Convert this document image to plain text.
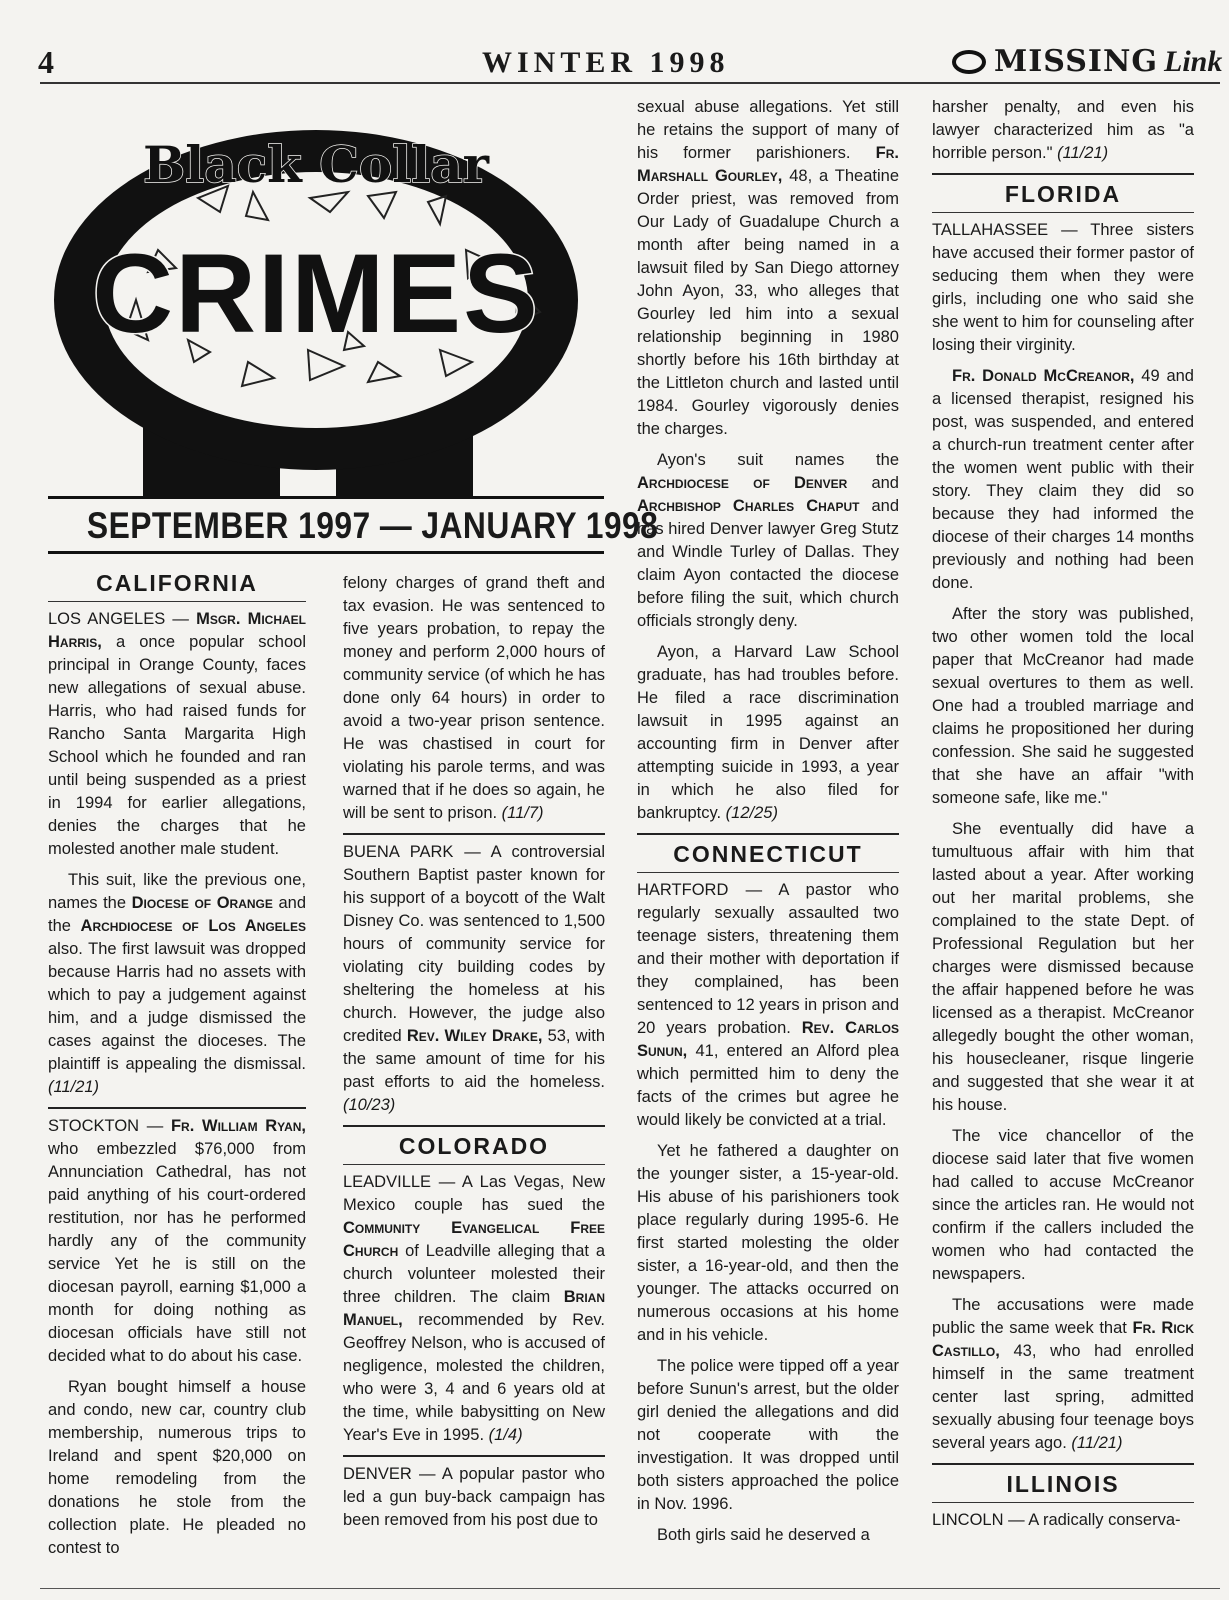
4	WINTER 1998	MISSING Link
Black Collar
CRIMES
SEPTEMBER 1997 — JANUARY 1998
CALIFORNIA

LOS ANGELES — Msgr. Michael Harris, a once popular school principal in Orange County, faces new allegations of sexual abuse. Harris, who had raised funds for Rancho Santa Margarita High School which he founded and ran until being suspended as a priest in 1994 for earlier allegations, denies the charges that he molested another male student.

This suit, like the previous one, names the Diocese of Orange and the Archdiocese of Los Angeles also. The first lawsuit was dropped because Harris had no assets with which to pay a judgement against him, and a judge dismissed the cases against the dioceses. The plaintiff is appealing the dismissal. (11/21)

STOCKTON — Fr. William Ryan, who embezzled $76,000 from Annunciation Cathedral, has not paid anything of his court-ordered restitution, nor has he performed hardly any of the community service Yet he is still on the diocesan payroll, earning $1,000 a month for doing nothing as diocesan officials have still not decided what to do about his case.

Ryan bought himself a house and condo, new car, country club membership, numerous trips to Ireland and spent $20,000 on home remodeling from the donations he stole from the collection plate. He pleaded no contest to

felony charges of grand theft and tax evasion. He was sentenced to five years probation, to repay the money and perform 2,000 hours of community service (of which he has done only 64 hours) in order to avoid a two-year prison sentence. He was chastised in court for violating his parole terms, and was warned that if he does so again, he will be sent to prison. (11/7)

BUENA PARK — A controversial Southern Baptist paster known for his support of a boycott of the Walt Disney Co. was sentenced to 1,500 hours of community service for violating city building codes by sheltering the homeless at his church. However, the judge also credited Rev. Wiley Drake, 53, with the same amount of time for his past efforts to aid the homeless. (10/23)

COLORADO

LEADVILLE — A Las Vegas, New Mexico couple has sued the Community Evangelical Free Church of Leadville alleging that a church volunteer molested their three children. The claim Brian Manuel, recommended by Rev. Geoffrey Nelson, who is accused of negligence, molested the children, who were 3, 4 and 6 years old at the time, while babysitting on New Year's Eve in 1995. (1/4)

DENVER — A popular pastor who led a gun buy-back campaign has been removed from his post due to

sexual abuse allegations. Yet still he retains the support of many of his former parishioners. Fr. Marshall Gourley, 48, a Theatine Order priest, was removed from Our Lady of Guadalupe Church a month after being named in a lawsuit filed by San Diego attorney John Ayon, 33, who alleges that Gourley led him into a sexual relationship beginning in 1980 shortly before his 16th birthday at the Littleton church and lasted until 1984. Gourley vigorously denies the charges.

Ayon's suit names the Archdiocese of Denver and Archbishop Charles Chaput and has hired Denver lawyer Greg Stutz and Windle Turley of Dallas. They claim Ayon contacted the diocese before filing the suit, which church officials strongly deny.

Ayon, a Harvard Law School graduate, has had troubles before. He filed a race discrimination lawsuit in 1995 against an accounting firm in Denver after attempting suicide in 1993, a year in which he also filed for bankruptcy. (12/25)

CONNECTICUT

HARTFORD — A pastor who regularly sexually assaulted two teenage sisters, threatening them and their mother with deportation if they complained, has been sentenced to 12 years in prison and 20 years probation. Rev. Carlos Sunun, 41, entered an Alford plea which permitted him to deny the facts of the crimes but agree he would likely be convicted at a trial.

Yet he fathered a daughter on the younger sister, a 15-year-old. His abuse of his parishioners took place regularly during 1995-6. He first started molesting the older sister, a 16-year-old, and then the younger. The attacks occurred on numerous occasions at his home and in his vehicle.

The police were tipped off a year before Sunun's arrest, but the older girl denied the allegations and did not cooperate with the investigation. It was dropped until both sisters approached the police in Nov. 1996.

Both girls said he deserved a

harsher penalty, and even his lawyer characterized him as "a horrible person." (11/21)

FLORIDA

TALLAHASSEE — Three sisters have accused their former pastor of seducing them when they were girls, including one who said she she went to him for counseling after losing their virginity.

Fr. Donald McCreanor, 49 and a licensed therapist, resigned his post, was suspended, and entered a church-run treatment center after the women went public with their story. They claim they did so because they had informed the diocese of their charges 14 months previously and nothing had been done.

After the story was published, two other women told the local paper that McCreanor had made sexual overtures to them as well. One had a troubled marriage and claims he propositioned her during confession. She said he suggested that she have an affair "with someone safe, like me."

She eventually did have a tumultuous affair with him that lasted about a year. After working out her marital problems, she complained to the state Dept. of Professional Regulation but her charges were dismissed because the affair happened before he was licensed as a therapist. McCreanor allegedly bought the other woman, his housecleaner, risque lingerie and suggested that she wear it at his house.

The vice chancellor of the diocese said later that five women had called to accuse McCreanor since the articles ran. He would not confirm if the callers included the women who had contacted the newspapers.

The accusations were made public the same week that Fr. Rick Castillo, 43, who had enrolled himself in the same treatment center last spring, admitted sexually abusing four teenage boys several years ago. (11/21)

ILLINOIS

LINCOLN — A radically conserva-
